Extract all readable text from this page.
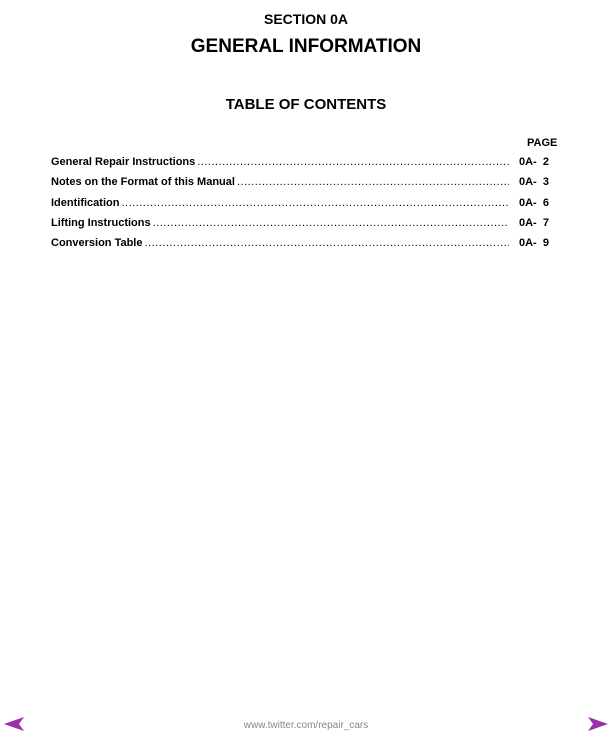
SECTION 0A
GENERAL INFORMATION
TABLE OF CONTENTS
PAGE
General Repair Instructions .....	0A-  2
Notes on the Format of this Manual .....	0A-  3
Identification .....	0A-  6
Lifting Instructions .....	0A-  7
Conversion Table .....	0A-  9
www.twitter.com/repair_cars
